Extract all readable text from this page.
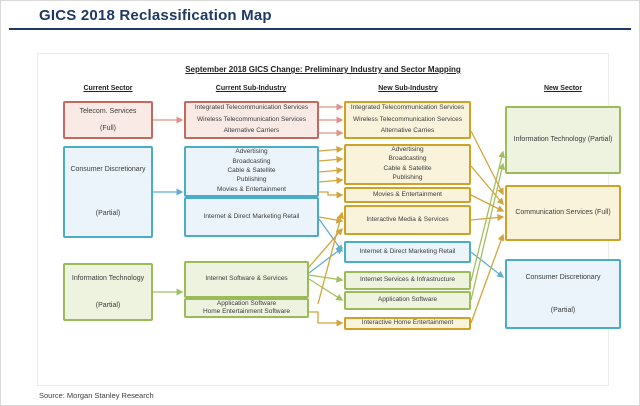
GICS 2018 Reclassification Map
September 2018 GICS Change: Preliminary Industry and Sector Mapping
Current Sector	Current Sub-Industry	New Sub-Industry	New Sector
Telecom. Services
(Full)
Consumer Discretionary
(Partial)
Information Technology
(Partial)
Integrated Telecommunication Services
Wireless Telecommunication Services
Alternative Carriers
Advertising
Broadcasting
Cable & Satellite
Publishing
Movies & Entertainment
Internet & Direct Marketing Retail
Internet Software & Services
Application Software
Home Entertainment Software
Integrated Telecommunication Services
Wireless Telecommunication Services
Alternative Carries
Advertising
Broadcasting
Cable & Satellite
Publishing
Movies & Entertainment
Interactive Media & Services
Internet & Direct Marketing Retail
Internet Services & Infrastructure
Application Software
Interactive Home Entertainment
Information Technology (Partial)
Communication Services (Full)
Consumer Discretionary
(Partial)
Source: Morgan Stanley Research
